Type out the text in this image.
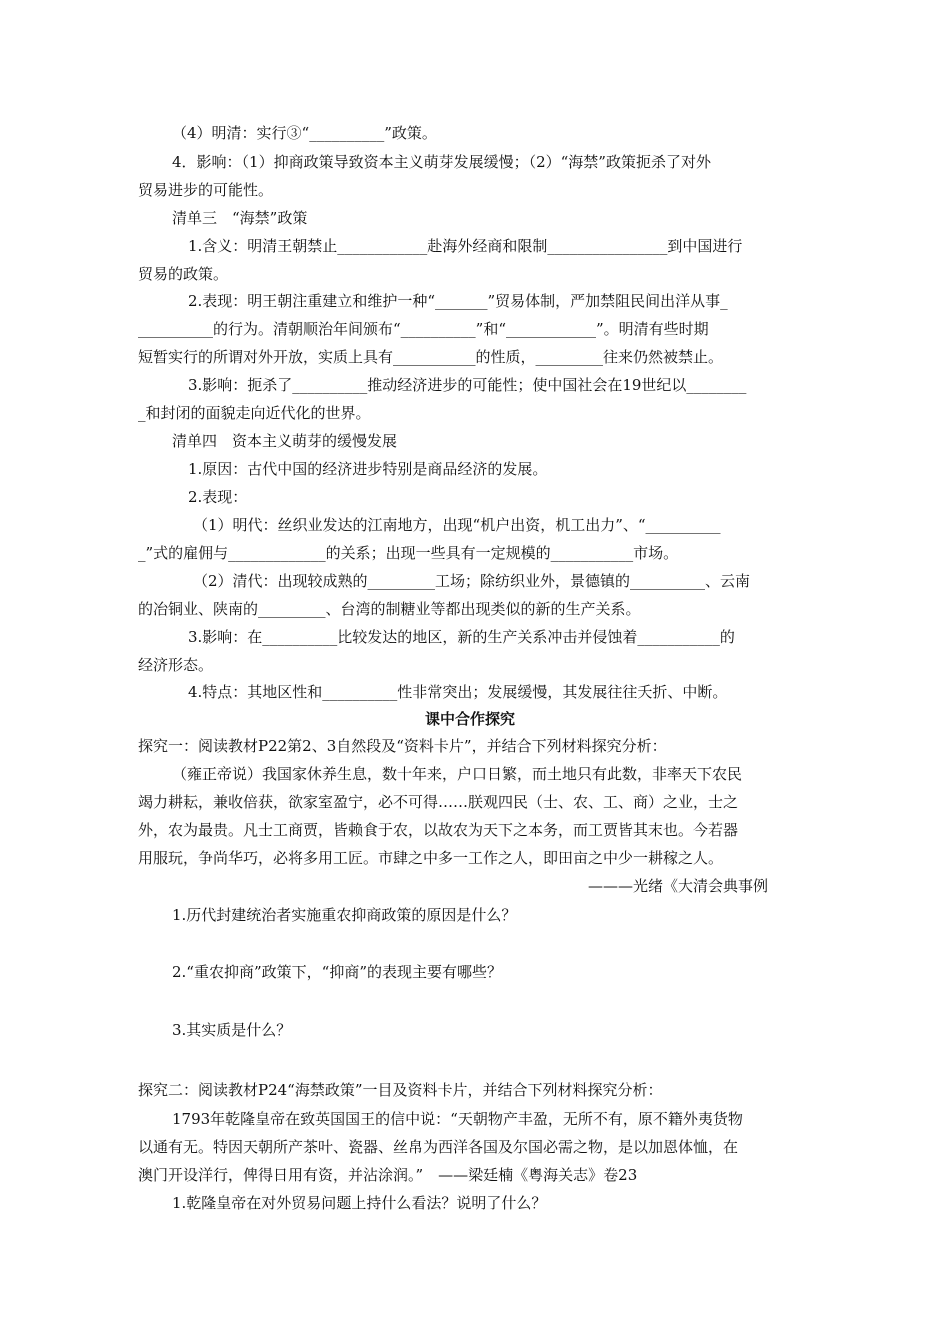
（4）明清：实行③“__________”政策。
4．影响：（1）抑商政策导致资本主义萌芽发展缓慢；（2）“海禁”政策扼杀了对外
贸易进步的可能性。
清单三　“海禁”政策
1.含义：明清王朝禁止____________赴海外经商和限制________________到中国进行
贸易的政策。
2.表现：明王朝注重建立和维护一种“_______”贸易体制，严加禁阻民间出洋从事_
__________的行为。清朝顺治年间颁布“__________”和“____________”。明清有些时期
短暂实行的所谓对外开放，实质上具有___________的性质，_________往来仍然被禁止。
3.影响：扼杀了__________推动经济进步的可能性；使中国社会在19世纪以________
_和封闭的面貌走向近代化的世界。
清单四　资本主义萌芽的缓慢发展
1.原因：古代中国的经济进步特别是商品经济的发展。
2.表现：
（1）明代：丝织业发达的江南地方，出现“机户出资，机工出力”、“__________
_”式的雇佣与_____________的关系；出现一些具有一定规模的___________市场。
（2）清代：出现较成熟的_________工场；除纺织业外，景德镇的__________、云南
的冶铜业、陕南的_________、台湾的制糖业等都出现类似的新的生产关系。
3.影响：在__________比较发达的地区，新的生产关系冲击并侵蚀着___________的
经济形态。
4.特点：其地区性和__________性非常突出；发展缓慢，其发展往往夭折、中断。
课中合作探究
探究一：阅读教材P22第2、3自然段及“资料卡片”，并结合下列材料探究分析：
（雍正帝说）我国家休养生息，数十年来，户口日繁，而土地只有此数，非率天下农民
竭力耕耘，兼收倍获，欲家室盈宁，必不可得……朕观四民（士、农、工、商）之业，士之
外，农为最贵。凡士工商贾，皆赖食于农，以故农为天下之本务，而工贾皆其末也。今若器
用服玩，争尚华巧，必将多用工匠。市肆之中多一工作之人，即田亩之中少一耕稼之人。
———光绪《大清会典事例
1.历代封建统治者实施重农抑商政策的原因是什么？
2.“重农抑商”政策下，“抑商”的表现主要有哪些？
3.其实质是什么？
探究二：阅读教材P24“海禁政策”一目及资料卡片，并结合下列材料探究分析：
1793年乾隆皇帝在致英国国王的信中说：“天朝物产丰盈，无所不有，原不籍外夷货物
以通有无。特因天朝所产茶叶、瓷器、丝帛为西洋各国及尔国必需之物，是以加恩体恤，在
澳门开设洋行，俾得日用有资，并沾涂润。”　——梁廷楠《粤海关志》卷23
1.乾隆皇帝在对外贸易问题上持什么看法？说明了什么？
